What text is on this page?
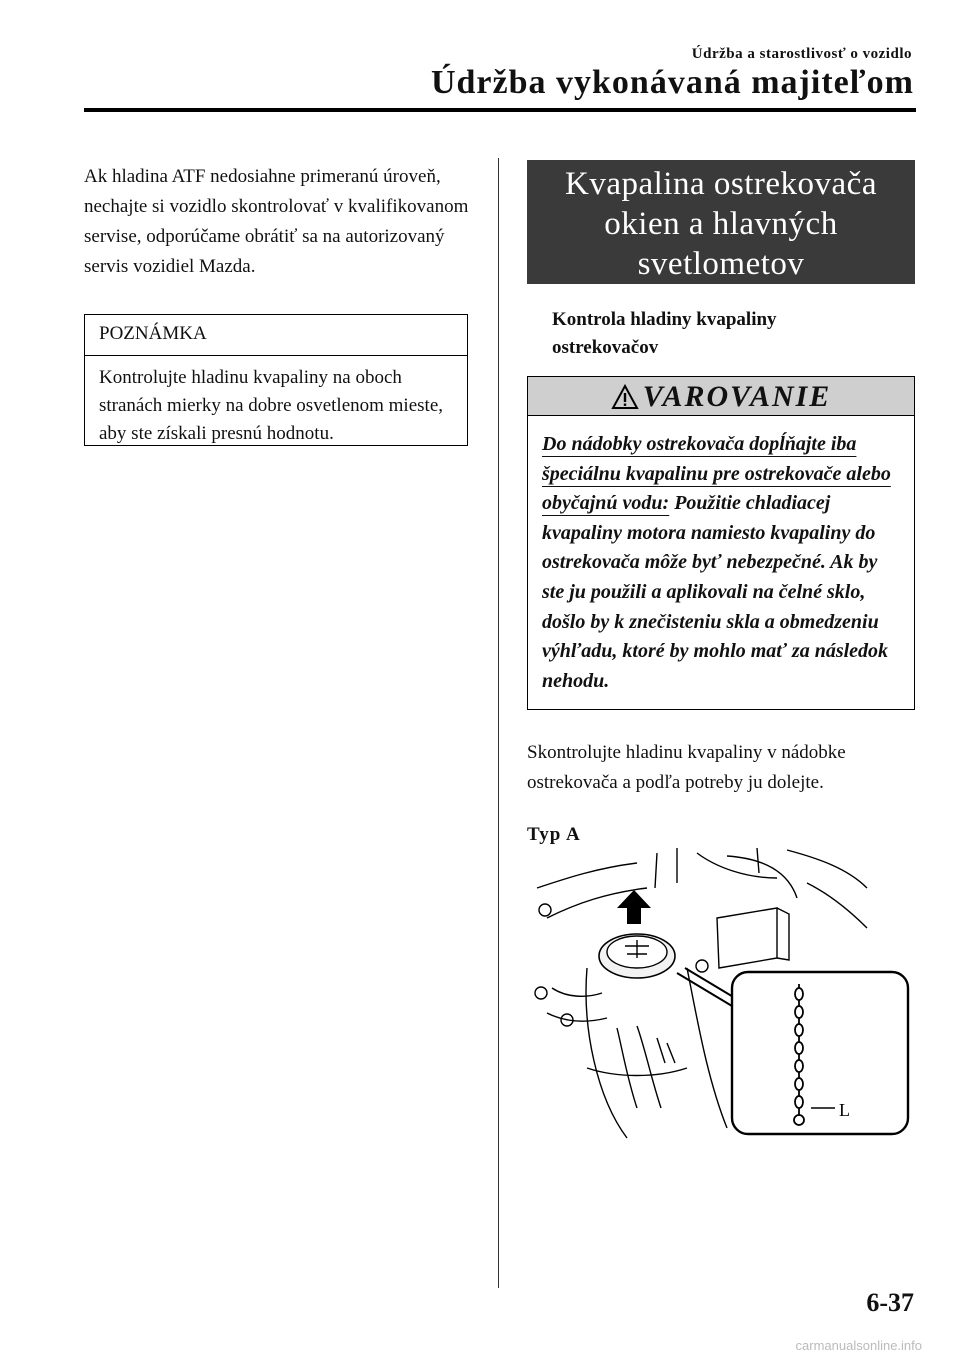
Údržba a starostlivosť o vozidlo
Údržba vykonávaná majiteľom
Ak hladina ATF nedosiahne primeranú úroveň, nechajte si vozidlo skontrolovať v kvalifikovanom servise, odporúčame obrátiť sa na autorizovaný servis vozidiel Mazda.
POZNÁMKA
Kontrolujte hladinu kvapaliny na oboch stranách mierky na dobre osvetlenom mieste, aby ste získali presnú hodnotu.
Kvapalina ostrekovača
okien a hlavných
svetlometov
Kontrola hladiny kvapaliny ostrekovačov
VAROVANIE
Do nádobky ostrekovača dopĺňajte iba špeciálnu kvapalinu pre ostrekovače alebo obyčajnú vodu: Použitie chladiacej kvapaliny motora namiesto kvapaliny do ostrekovača môže byť nebezpečné. Ak by ste ju použili a aplikovali na čelné sklo, došlo by k znečisteniu skla a obmedzeniu výhľadu, ktoré by mohlo mať za následok nehodu.
Skontrolujte hladinu kvapaliny v nádobke ostrekovača a podľa potreby ju dolejte.
Typ A
L
6-37
carmanualsonline.info
